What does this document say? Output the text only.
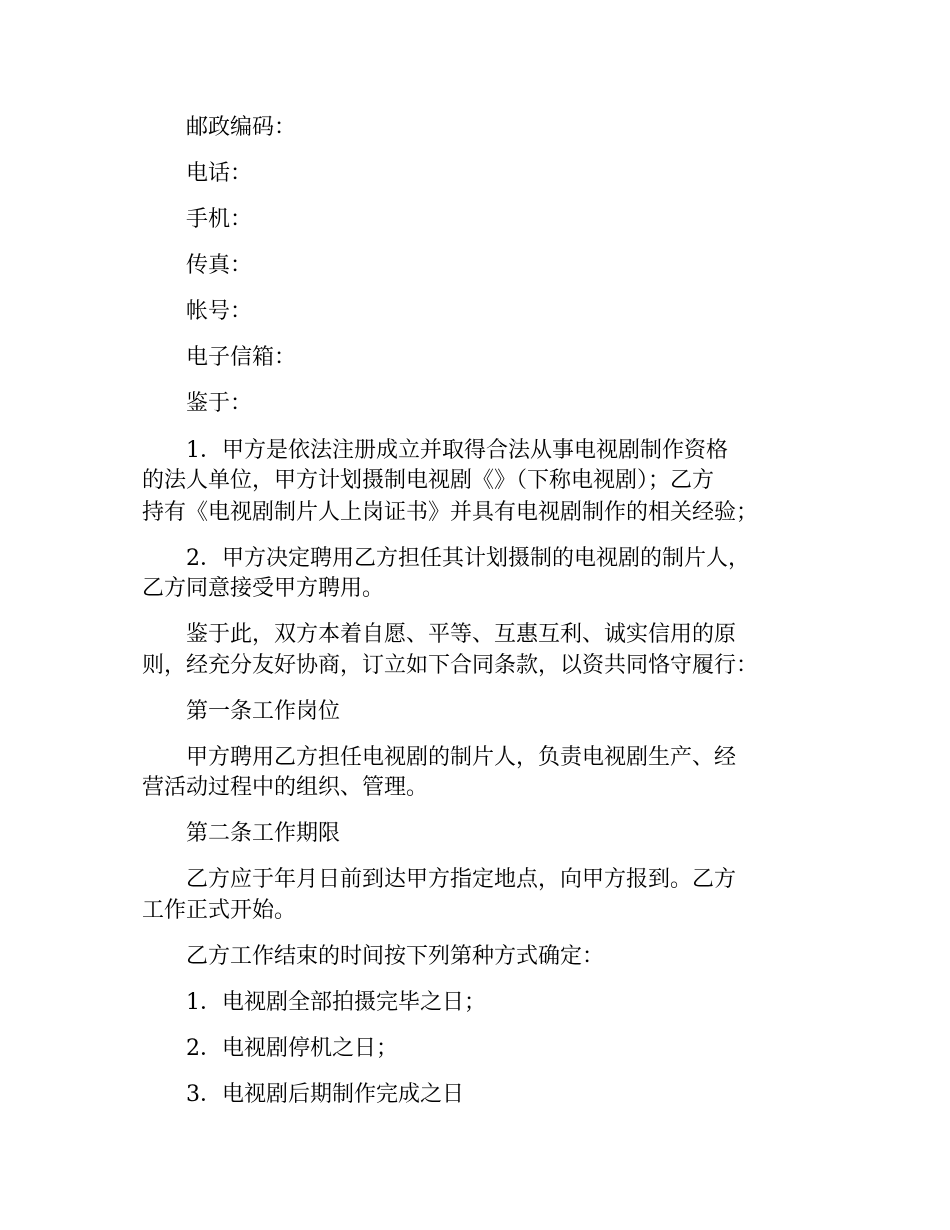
邮政编码：
电话：
手机：
传真：
帐号：
电子信箱：
鉴于：
1．甲方是依法注册成立并取得合法从事电视剧制作资格
的法人单位，甲方计划摄制电视剧《》（下称电视剧）；乙方
持有《电视剧制片人上岗证书》并具有电视剧制作的相关经验；
2．甲方决定聘用乙方担任其计划摄制的电视剧的制片人，
乙方同意接受甲方聘用。
鉴于此，双方本着自愿、平等、互惠互利、诚实信用的原
则，经充分友好协商，订立如下合同条款，以资共同恪守履行：
第一条工作岗位
甲方聘用乙方担任电视剧的制片人，负责电视剧生产、经
营活动过程中的组织、管理。
第二条工作期限
乙方应于年月日前到达甲方指定地点，向甲方报到。乙方
工作正式开始。
乙方工作结束的时间按下列第种方式确定：
1．电视剧全部拍摄完毕之日；
2．电视剧停机之日；
3．电视剧后期制作完成之日
